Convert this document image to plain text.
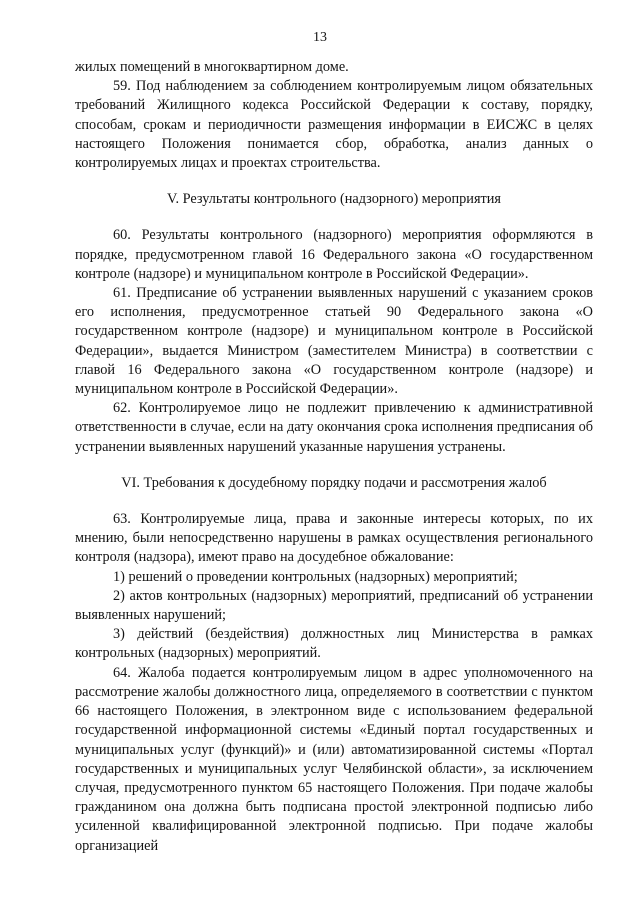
13

жилых помещений в многоквартирном доме.

59. Под наблюдением за соблюдением контролируемым лицом обязательных требований Жилищного кодекса Российской Федерации к составу, порядку, способам, срокам и периодичности размещения информации в ЕИСЖС в целях настоящего Положения понимается сбор, обработка, анализ данных о контролируемых лицах и проектах строительства.

V. Результаты контрольного (надзорного) мероприятия

60. Результаты контрольного (надзорного) мероприятия оформляются в порядке, предусмотренном главой 16 Федерального закона «О государственном контроле (надзоре) и муниципальном контроле в Российской Федерации».

61. Предписание об устранении выявленных нарушений с указанием сроков его исполнения, предусмотренное статьей 90 Федерального закона «О государственном контроле (надзоре) и муниципальном контроле в Российской Федерации», выдается Министром (заместителем Министра) в соответствии с главой 16 Федерального закона «О государственном контроле (надзоре) и муниципальном контроле в Российской Федерации».

62. Контролируемое лицо не подлежит привлечению к административной ответственности в случае, если на дату окончания срока исполнения предписания об устранении выявленных нарушений указанные нарушения устранены.

VI. Требования к досудебному порядку подачи и рассмотрения жалоб

63. Контролируемые лица, права и законные интересы которых, по их мнению, были непосредственно нарушены в рамках осуществления регионального контроля (надзора), имеют право на досудебное обжалование:

1) решений о проведении контрольных (надзорных) мероприятий;

2) актов контрольных (надзорных) мероприятий, предписаний об устранении выявленных нарушений;

3) действий (бездействия) должностных лиц Министерства в рамках контрольных (надзорных) мероприятий.

64. Жалоба подается контролируемым лицом в адрес уполномоченного на рассмотрение жалобы должностного лица, определяемого в соответствии с пунктом 66 настоящего Положения, в электронном виде с использованием федеральной государственной информационной системы «Единый портал государственных и муниципальных услуг (функций)» и (или) автоматизированной системы «Портал государственных и муниципальных услуг Челябинской области», за исключением случая, предусмотренного пунктом 65 настоящего Положения. При подаче жалобы гражданином она должна быть подписана простой электронной подписью либо усиленной квалифицированной электронной подписью. При подаче жалобы организацией
